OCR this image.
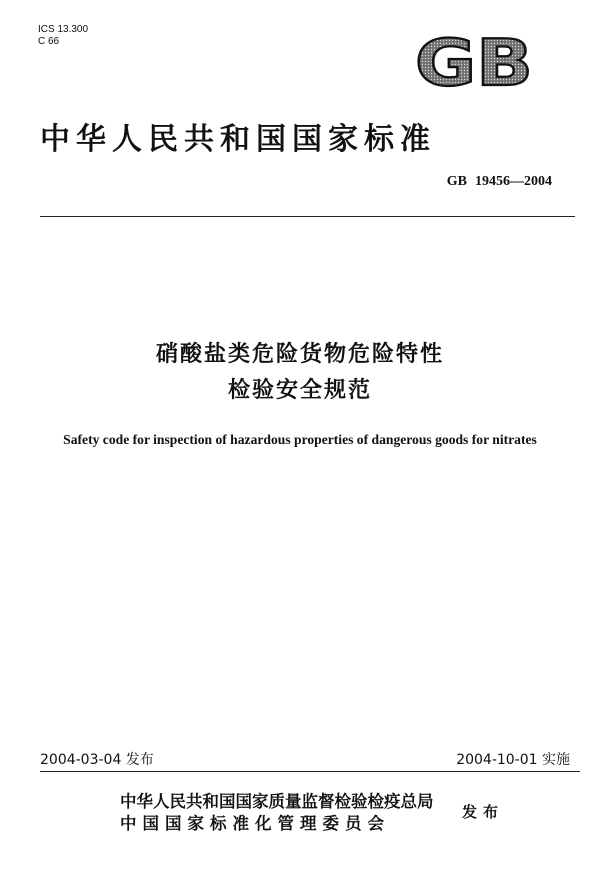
ICS 13.300
C 66	GB
中华人民共和国国家标准
GB 19456—2004
硝酸盐类危险货物危险特性
检验安全规范
Safety code for inspection of hazardous properties of dangerous goods for nitrates
2004-03-04 发布	2004-10-01 实施
中华人民共和国国家质量监督检验检疫总局
中国国家标准化管理委员会
发布
